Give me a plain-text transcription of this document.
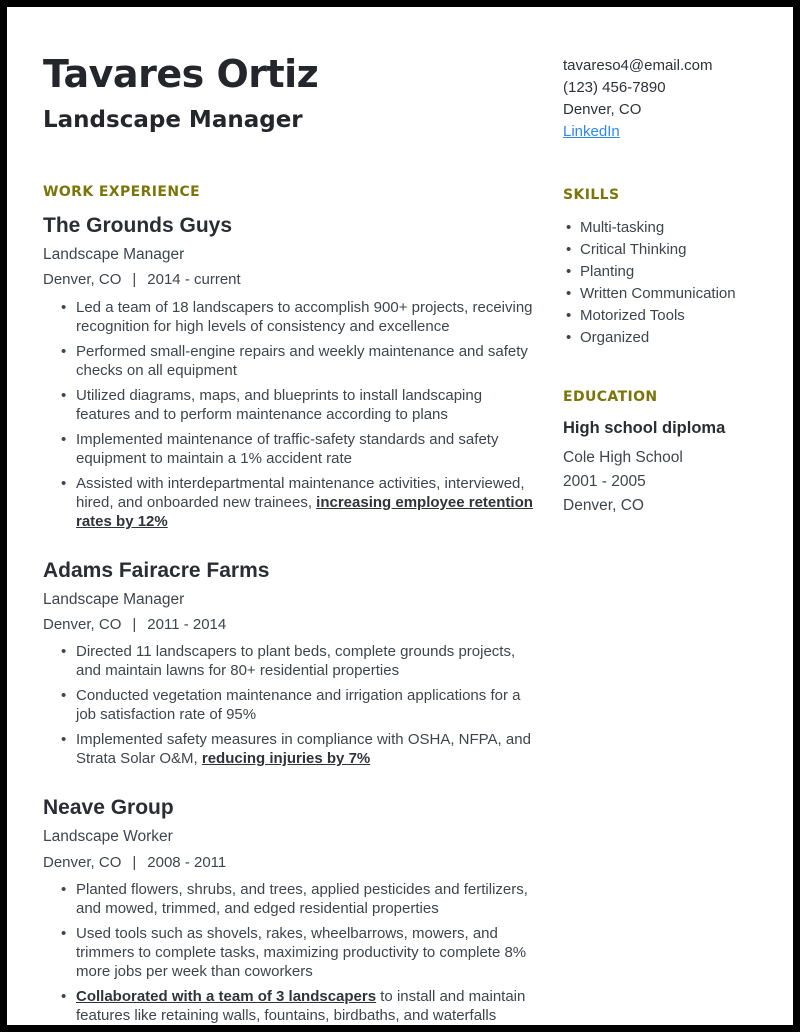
Tavares Ortiz
Landscape Manager
WORK EXPERIENCE
The Grounds Guys
Landscape Manager
Denver, CO | 2014 - current
• Led a team of 18 landscapers to accomplish 900+ projects, receiving recognition for high levels of consistency and excellence
• Performed small-engine repairs and weekly maintenance and safety checks on all equipment
• Utilized diagrams, maps, and blueprints to install landscaping features and to perform maintenance according to plans
• Implemented maintenance of traffic-safety standards and safety equipment to maintain a 1% accident rate
• Assisted with interdepartmental maintenance activities, interviewed, hired, and onboarded new trainees, increasing employee retention rates by 12%
Adams Fairacre Farms
Landscape Manager
Denver, CO | 2011 - 2014
• Directed 11 landscapers to plant beds, complete grounds projects, and maintain lawns for 80+ residential properties
• Conducted vegetation maintenance and irrigation applications for a job satisfaction rate of 95%
• Implemented safety measures in compliance with OSHA, NFPA, and Strata Solar O&M, reducing injuries by 7%
Neave Group
Landscape Worker
Denver, CO | 2008 - 2011
• Planted flowers, shrubs, and trees, applied pesticides and fertilizers, and mowed, trimmed, and edged residential properties
• Used tools such as shovels, rakes, wheelbarrows, mowers, and trimmers to complete tasks, maximizing productivity to complete 8% more jobs per week than coworkers
• Collaborated with a team of 3 landscapers to install and maintain features like retaining walls, fountains, birdbaths, and waterfalls
tavareso4@email.com
(123) 456-7890
Denver, CO
LinkedIn
SKILLS
• Multi-tasking
• Critical Thinking
• Planting
• Written Communication
• Motorized Tools
• Organized
EDUCATION
High school diploma
Cole High School
2001 - 2005
Denver, CO
